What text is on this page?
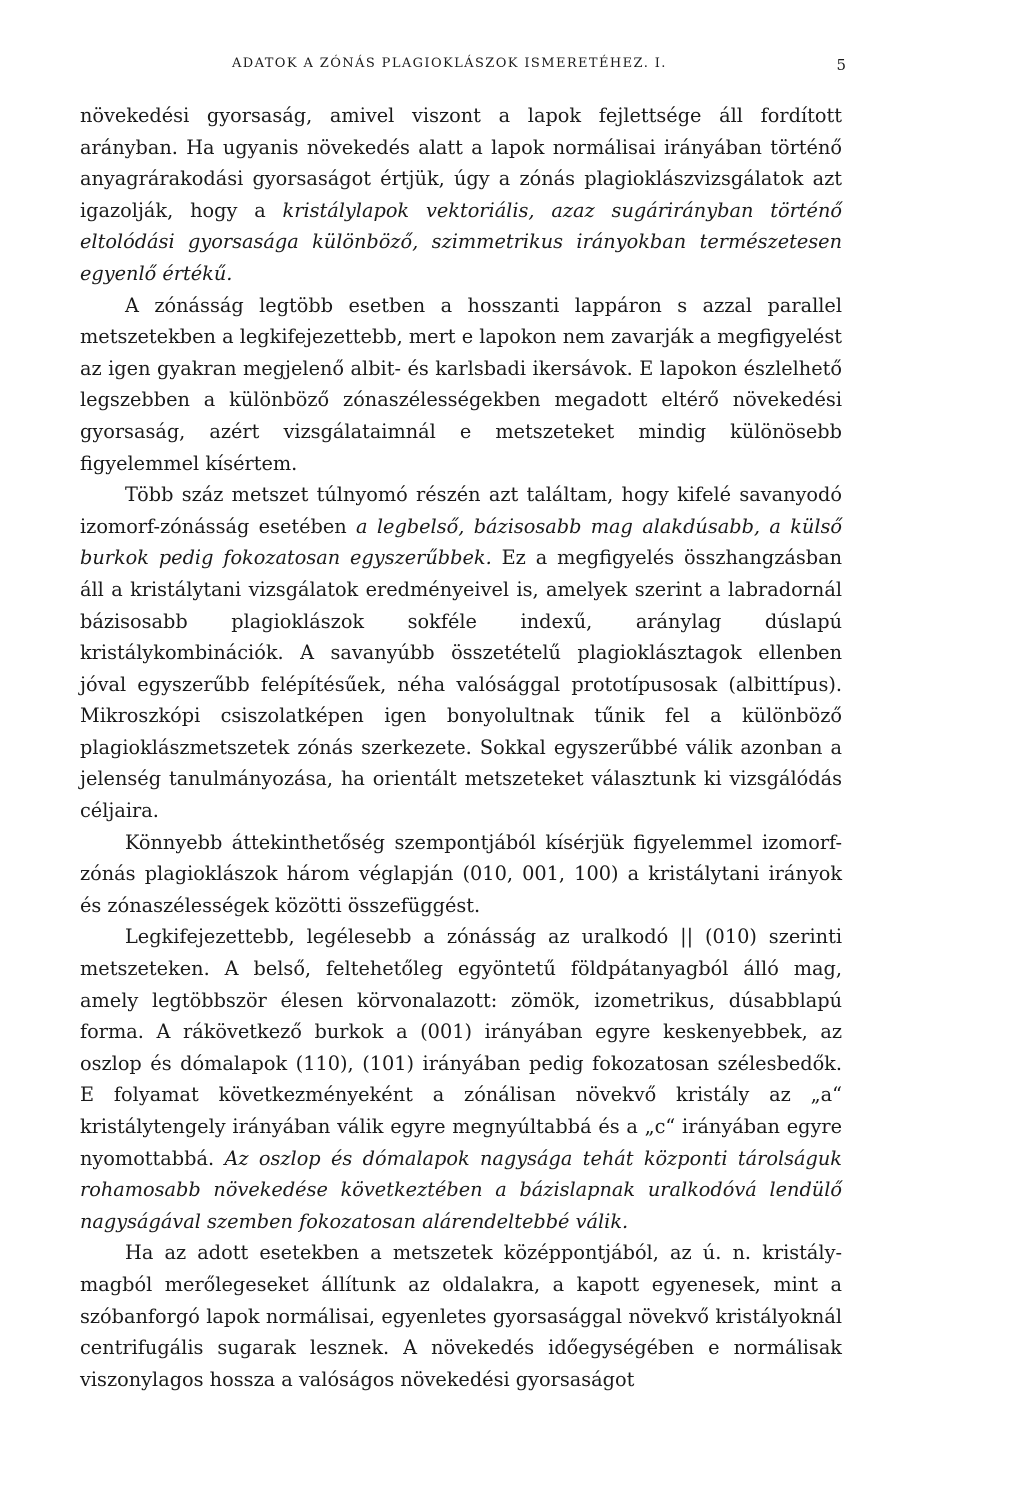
ADATOK A ZÓNÁS PLAGIOKLÁSZOK ISMERETÉHEZ. I.	5

növekedési gyorsaság, amivel viszont a lapok fejlettsége áll fordított arányban. Ha ugyanis növekedés alatt a lapok normálisai irányában történő anyagrárakodási gyorsaságot értjük, úgy a zónás plagioklászvizsgálatok azt igazolják, hogy a kristálylapok vektoriális, azaz sugárirányban történő eltolódási gyorsasága különböző, szimmetrikus irányokban természetesen egyenlő értékű.

A zónásság legtöbb esetben a hosszanti lappáron s azzal parallel metszetekben a legkifejezettebb, mert e lapokon nem zavarják a megfigyelést az igen gyakran megjelenő albit- és karlsbadi ikersávok. E lapokon észlelhető legszebben a különböző zónaszélességekben megadott eltérő növekedési gyorsaság, azért vizsgálataimnál e metszeteket mindig különösebb figyelemmel kísértem.

Több száz metszet túlnyomó részén azt találtam, hogy kifelé savanyodó izomorf-zónásság esetében a legbelső, bázisosabb mag alakdúsabb, a külső burkok pedig fokozatosan egyszerűbbek. Ez a megfigyelés összhangzásban áll a kristálytani vizsgálatok eredményeivel is, amelyek szerint a labradornál bázisosabb plagioklászok sokféle indexű, aránylag dúslapú kristálykombinációk. A savanyúbb összetételű plagioklásztagok ellenben jóval egyszerűbb felépítésűek, néha valósággal prototípusosak (albittípus). Mikroszkópi csiszolatképen igen bonyolultnak tűnik fel a különböző plagioklászmetszetek zónás szerkezete. Sokkal egyszerűbbé válik azonban a jelenség tanulmányozása, ha orientált metszeteket választunk ki vizsgálódás céljaira.

Könnyebb áttekinthetőség szempontjából kísérjük figyelemmel izomorf-zónás plagioklászok három véglapján (010, 001, 100) a kristálytani irányok és zónaszélességek közötti összefüggést.

Legkifejezettebb, legélesebb a zónásság az uralkodó || (010) szerinti metszeteken. A belső, feltehetőleg egyöntetű földpátanyagból álló mag, amely legtöbbször élesen körvonalazott: zömök, izometrikus, dúsabblapú forma. A rákövetkező burkok a (001) irányában egyre keskenyebbek, az oszlop és dómalapok (110), (101) irányában pedig fokozatosan szélesbedők. E folyamat következményeként a zónálisan növekvő kristály az „a“ kristálytengely irányában válik egyre megnyúltabbá és a „c“ irányában egyre nyomottabbá. Az oszlop és dómalapok nagysága tehát központi tárolságuk rohamosabb növekedése következtében a bázislapnak uralkodóvá lendülő nagyságával szemben fokozatosan alárendeltebbé válik.

Ha az adott esetekben a metszetek középpontjából, az ú. n. kristálymagból merőlegeseket állítunk az oldalakra, a kapott egyenesek, mint a szóbanforgó lapok normálisai, egyenletes gyorsasággal növekvő kristályoknál centrifugális sugarak lesznek. A növekedés időegységében e normálisak viszonylagos hossza a valóságos növekedési gyorsaságot
